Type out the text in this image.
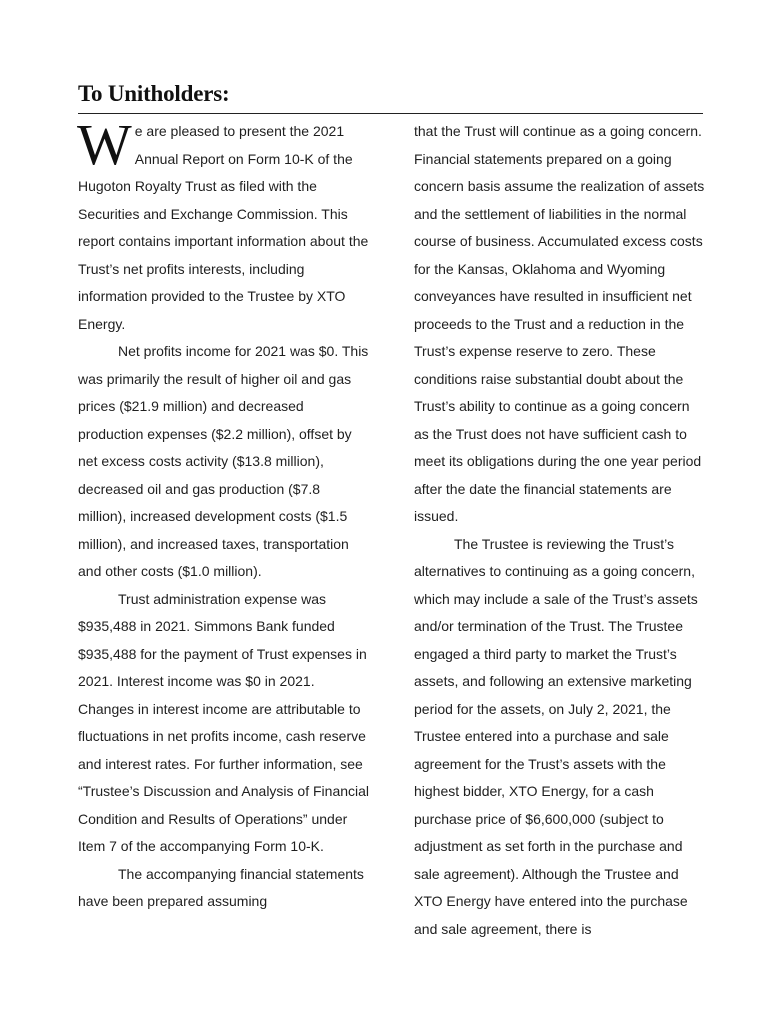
To Unitholders:

We are pleased to present the 2021 Annual Report on Form 10-K of the Hugoton Royalty Trust as filed with the Securities and Exchange Commission. This report contains important information about the Trust’s net profits interests, including information provided to the Trustee by XTO Energy.

Net profits income for 2021 was $0. This was primarily the result of higher oil and gas prices ($21.9 million) and decreased production expenses ($2.2 million), offset by net excess costs activity ($13.8 million), decreased oil and gas production ($7.8 million), increased development costs ($1.5 million), and increased taxes, transportation and other costs ($1.0 million).

Trust administration expense was $935,488 in 2021. Simmons Bank funded $935,488 for the payment of Trust expenses in 2021. Interest income was $0 in 2021. Changes in interest income are attributable to fluctuations in net profits income, cash reserve and interest rates. For further information, see “Trustee’s Discussion and Analysis of Financial Condition and Results of Operations” under Item 7 of the accompanying Form 10-K.

The accompanying financial statements have been prepared assuming

that the Trust will continue as a going concern. Financial statements prepared on a going concern basis assume the realization of assets and the settlement of liabilities in the normal course of business. Accumulated excess costs for the Kansas, Oklahoma and Wyoming conveyances have resulted in insufficient net proceeds to the Trust and a reduction in the Trust’s expense reserve to zero. These conditions raise substantial doubt about the Trust’s ability to continue as a going concern as the Trust does not have sufficient cash to meet its obligations during the one year period after the date the financial statements are issued.

The Trustee is reviewing the Trust’s alternatives to continuing as a going concern, which may include a sale of the Trust’s assets and/or termination of the Trust. The Trustee engaged a third party to market the Trust’s assets, and following an extensive marketing period for the assets, on July 2, 2021, the Trustee entered into a purchase and sale agreement for the Trust’s assets with the highest bidder, XTO Energy, for a cash purchase price of $6,600,000 (subject to adjustment as set forth in the purchase and sale agreement). Although the Trustee and XTO Energy have entered into the purchase and sale agreement, there is
